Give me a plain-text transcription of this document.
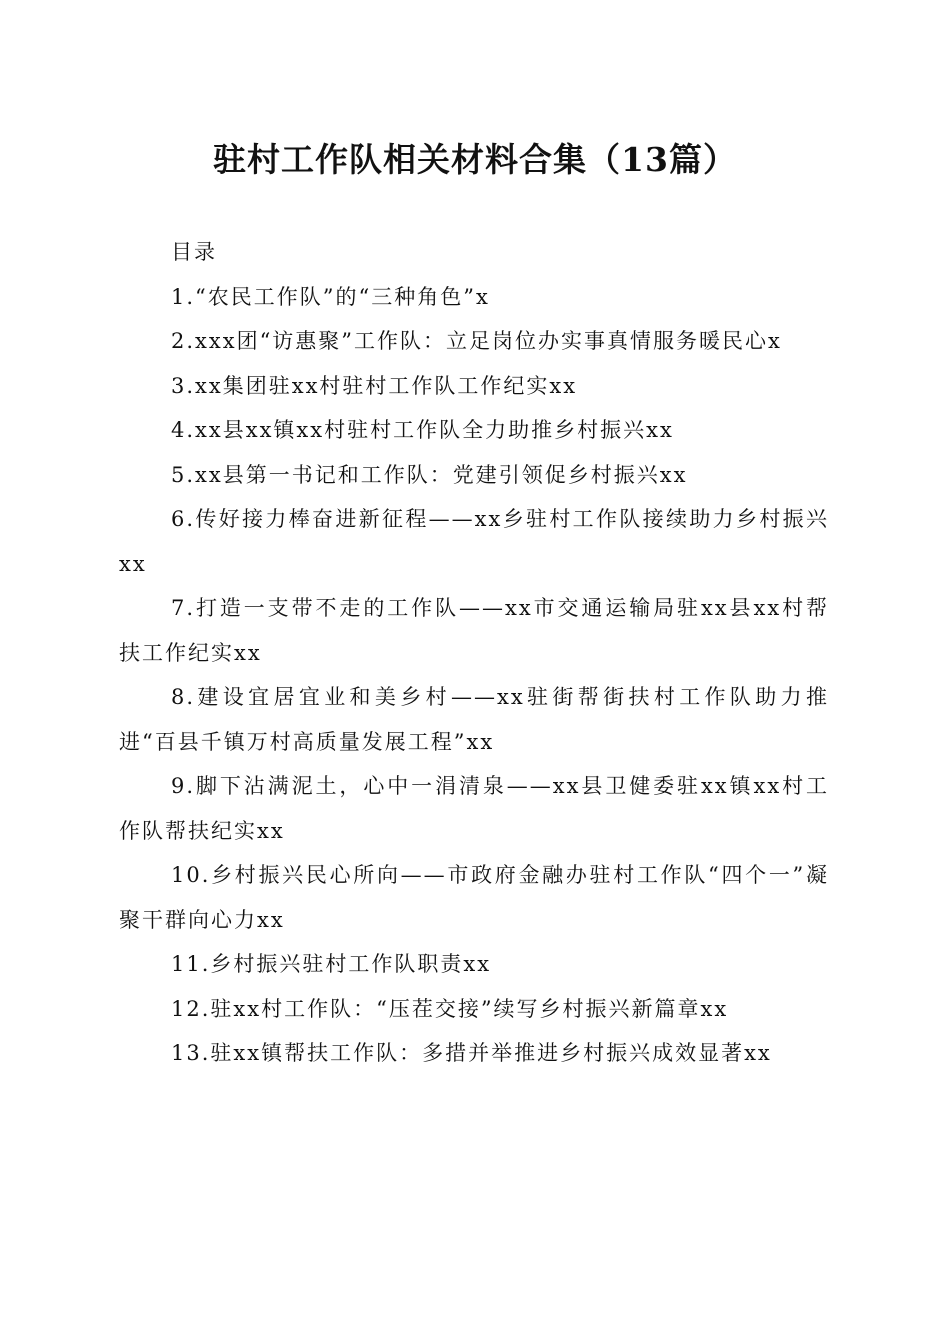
驻村工作队相关材料合集（13篇）

目录

1.“农民工作队”的“三种角色”x

2.xxx团“访惠聚”工作队：立足岗位办实事真情服务暖民心x

3.xx集团驻xx村驻村工作队工作纪实xx

4.xx县xx镇xx村驻村工作队全力助推乡村振兴xx

5.xx县第一书记和工作队：党建引领促乡村振兴xx

6.传好接力棒奋进新征程——xx乡驻村工作队接续助力乡村振兴xx

7.打造一支带不走的工作队——xx市交通运输局驻xx县xx村帮扶工作纪实xx

8.建设宜居宜业和美乡村——xx驻街帮街扶村工作队助力推进“百县千镇万村高质量发展工程”xx

9.脚下沾满泥土，心中一涓清泉——xx县卫健委驻xx镇xx村工作队帮扶纪实xx

10.乡村振兴民心所向——市政府金融办驻村工作队“四个一”凝聚干群向心力xx

11.乡村振兴驻村工作队职责xx

12.驻xx村工作队：“压茬交接”续写乡村振兴新篇章xx

13.驻xx镇帮扶工作队：多措并举推进乡村振兴成效显著xx
